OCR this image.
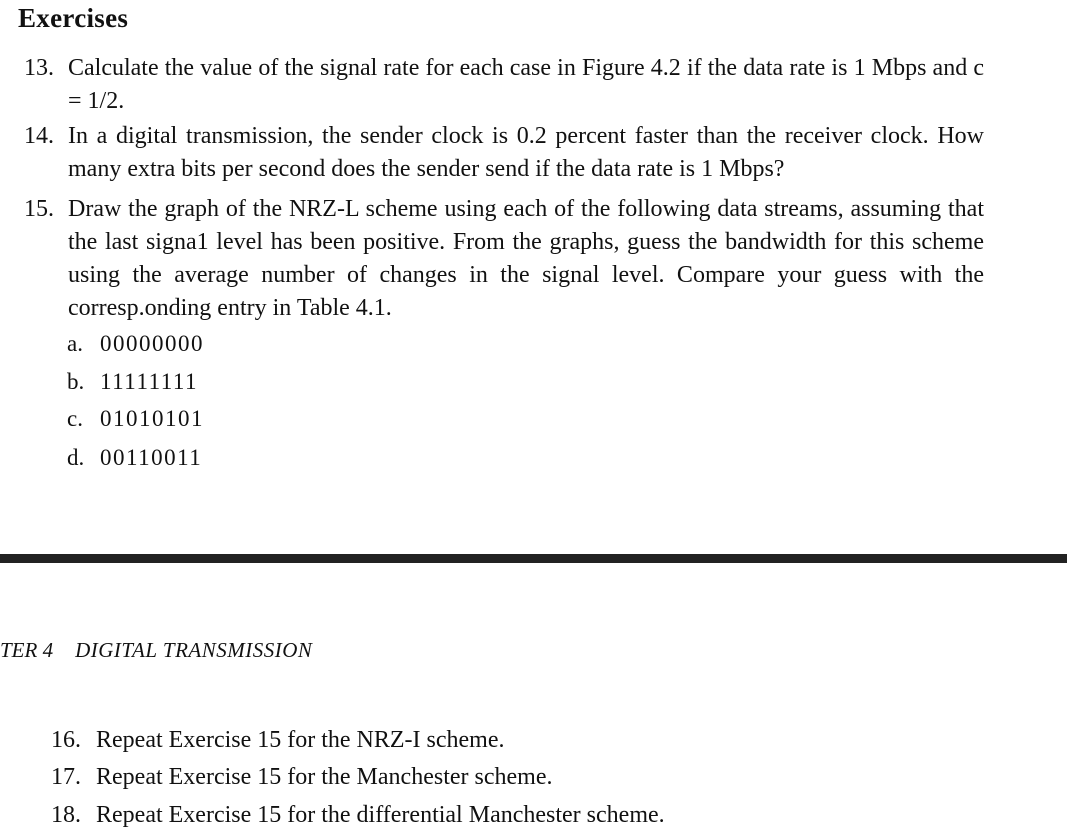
Exercises
13. Calculate the value of the signal rate for each case in Figure 4.2 if the data rate is 1 Mbps and c = 1/2.
14. In a digital transmission, the sender clock is 0.2 percent faster than the receiver clock. How many extra bits per second does the sender send if the data rate is 1 Mbps?
15. Draw the graph of the NRZ-L scheme using each of the following data streams, assuming that the last signa1 level has been positive. From the graphs, guess the bandwidth for this scheme using the average number of changes in the signal level. Compare your guess with the corresp.onding entry in Table 4.1.
a. 00000000
b. 11111111
c. 01010101
d. 00110011
TER 4 DIGITAL TRANSMISSION
16. Repeat Exercise 15 for the NRZ-I scheme.
17. Repeat Exercise 15 for the Manchester scheme.
18. Repeat Exercise 15 for the differential Manchester scheme.
